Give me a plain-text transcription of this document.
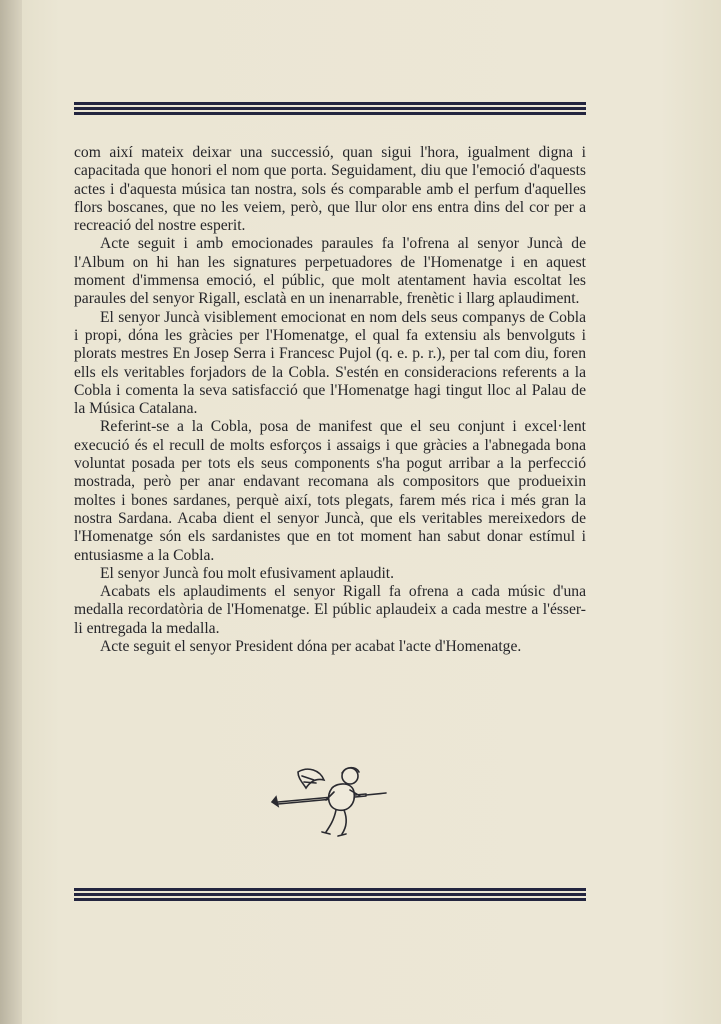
com així mateix deixar una successió, quan sigui l'hora, igualment digna i capacitada que honori el nom que porta. Seguidament, diu que l'emoció d'aquests actes i d'aquesta música tan nostra, sols és comparable amb el perfum d'aquelles flors boscanes, que no les veiem, però, que llur olor ens entra dins del cor per a recreació del nostre esperit.

Acte seguit i amb emocionades paraules fa l'ofrena al senyor Juncà de l'Album on hi han les signatures perpetuadores de l'Homenatge i en aquest moment d'immensa emoció, el públic, que molt atentament havia escoltat les paraules del senyor Rigall, esclatà en un inenarrable, frenètic i llarg aplaudiment.

El senyor Juncà visiblement emocionat en nom dels seus companys de Cobla i propi, dóna les gràcies per l'Homenatge, el qual fa extensiu als benvolguts i plorats mestres En Josep Serra i Francesc Pujol (q. e. p. r.), per tal com diu, foren ells els veritables forjadors de la Cobla. S'estén en consideracions referents a la Cobla i comenta la seva satisfacció que l'Homenatge hagi tingut lloc al Palau de la Música Catalana.

Referint-se a la Cobla, posa de manifest que el seu conjunt i excel·lent execució és el recull de molts esforços i assaigs i que gràcies a l'abnegada bona voluntat posada per tots els seus components s'ha pogut arribar a la perfecció mostrada, però per anar endavant recomana als compositors que produeixin moltes i bones sardanes, perquè així, tots plegats, farem més rica i més gran la nostra Sardana. Acaba dient el senyor Juncà, que els veritables mereixedors de l'Homenatge són els sardanistes que en tot moment han sabut donar estímul i entusiasme a la Cobla.

El senyor Juncà fou molt efusivament aplaudit.

Acabats els aplaudiments el senyor Rigall fa ofrena a cada músic d'una medalla recordatòria de l'Homenatge. El públic aplaudeix a cada mestre a l'ésser-li entregada la medalla.

Acte seguit el senyor President dóna per acabat l'acte d'Homenatge.
